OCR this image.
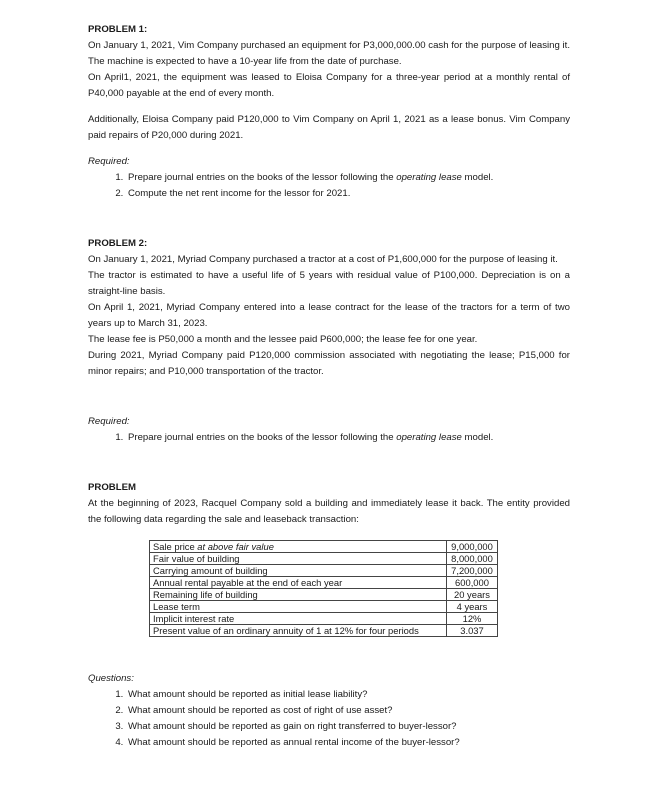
PROBLEM 1:

On January 1, 2021, Vim Company purchased an equipment for P3,000,000.00 cash for the purpose of leasing it. The machine is expected to have a 10-year life from the date of purchase.

On April1, 2021, the equipment was leased to Eloisa Company for a three-year period at a monthly rental of P40,000 payable at the end of every month.

Additionally, Eloisa Company paid P120,000 to Vim Company on April 1, 2021 as a lease bonus. Vim Company paid repairs of P20,000 during 2021.

Required:

1. Prepare journal entries on the books of the lessor following the operating lease model.
2. Compute the net rent income for the lessor for 2021.

PROBLEM 2:

On January 1, 2021, Myriad Company purchased a tractor at a cost of P1,600,000 for the purpose of leasing it.

The tractor is estimated to have a useful life of 5 years with residual value of P100,000. Depreciation is on a straight-line basis.

On April 1, 2021, Myriad Company entered into a lease contract for the lease of the tractors for a term of two years up to March 31, 2023.

The lease fee is P50,000 a month and the lessee paid P600,000; the lease fee for one year.

During 2021, Myriad Company paid P120,000 commission associated with negotiating the lease; P15,000 for minor repairs; and P10,000 transportation of the tractor.

Required:

1. Prepare journal entries on the books of the lessor following the operating lease model.

PROBLEM

At the beginning of 2023, Racquel Company sold a building and immediately lease it back. The entity provided the following data regarding the sale and leaseback transaction:

Sale price at above fair value	9,000,000
Fair value of building	8,000,000
Carrying amount of building	7,200,000
Annual rental payable at the end of each year	600,000
Remaining life of building	20 years
Lease term	4 years
Implicit interest rate	12%
Present value of an ordinary annuity of 1 at 12% for four periods	3.037

Questions:

1. What amount should be reported as initial lease liability?
2. What amount should be reported as cost of right of use asset?
3. What amount should be reported as gain on right transferred to buyer-lessor?
4. What amount should be reported as annual rental income of the buyer-lessor?
